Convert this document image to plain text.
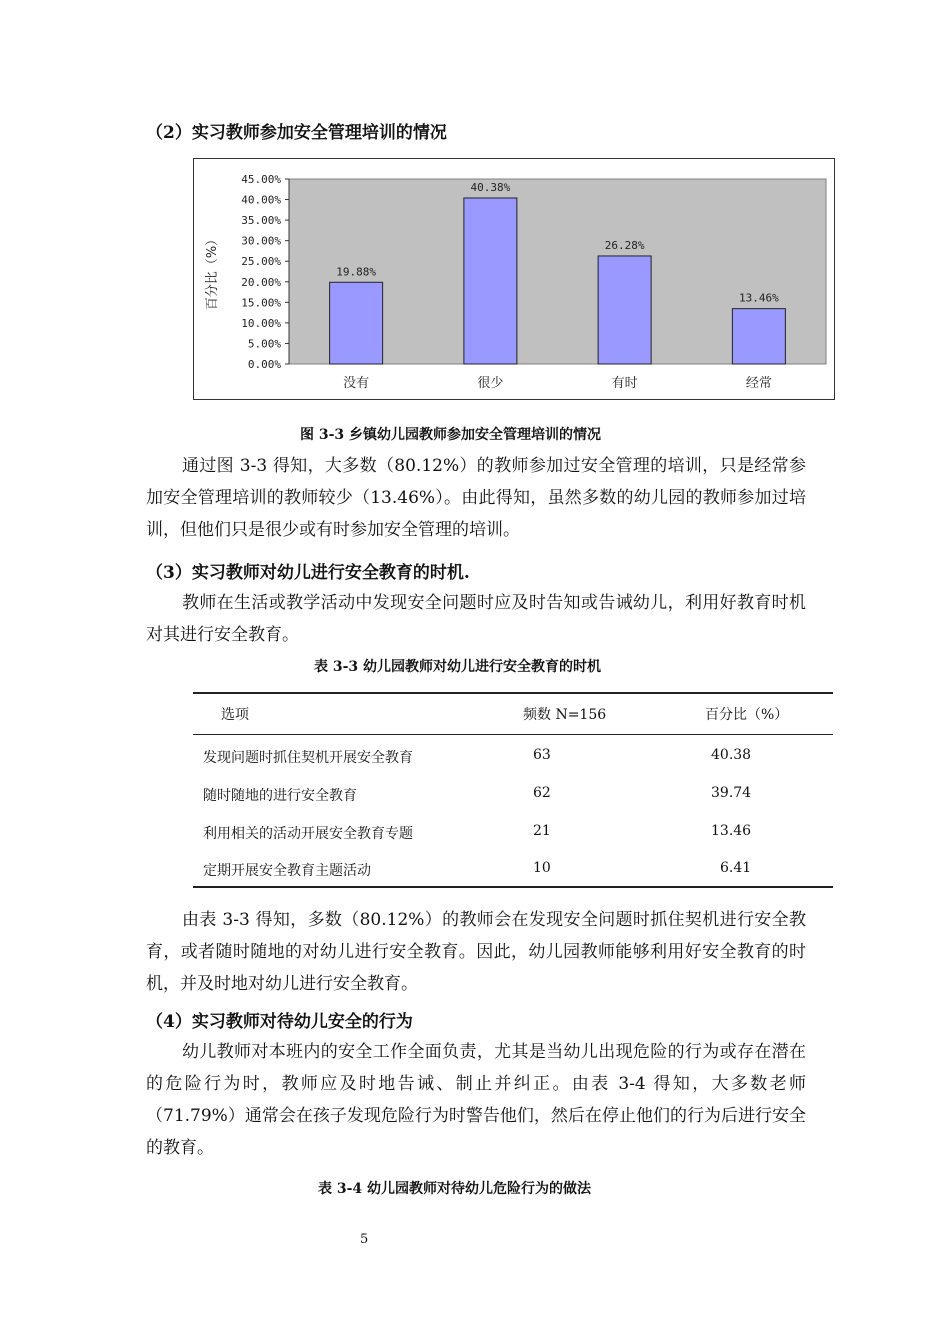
（2）实习教师参加安全管理培训的情况
0.00%
5.00%
10.00%
15.00%
20.00%
25.00%
30.00%
35.00%
40.00%
45.00%
百分比（%）	19.88%
没有
40.38%
很少
26.28%
有时
13.46%
经常
图 3-3 乡镇幼儿园教师参加安全管理培训的情况
通过图 3-3 得知，大多数（80.12%）的教师参加过安全管理的培训，只是经常参加安全管理培训的教师较少（13.46%）。由此得知，虽然多数的幼儿园的教师参加过培训，但他们只是很少或有时参加安全管理的培训。
（3）实习教师对幼儿进行安全教育的时机.
教师在生活或教学活动中发现安全问题时应及时告知或告诫幼儿，利用好教育时机对其进行安全教育。
表 3-3 幼儿园教师对幼儿进行安全教育的时机
选项	频数 N=156	百分比（%）
发现问题时抓住契机开展安全教育	63	40.38
随时随地的进行安全教育	62	39.74
利用相关的活动开展安全教育专题	21	13.46
定期开展安全教育主题活动	10	6.41
由表 3-3 得知，多数（80.12%）的教师会在发现安全问题时抓住契机进行安全教育，或者随时随地的对幼儿进行安全教育。因此，幼儿园教师能够利用好安全教育的时机，并及时地对幼儿进行安全教育。
（4）实习教师对待幼儿安全的行为
幼儿教师对本班内的安全工作全面负责，尤其是当幼儿出现危险的行为或存在潜在的危险行为时，教师应及时地告诫、制止并纠正。由表 3-4 得知，大多数老师（71.79%）通常会在孩子发现危险行为时警告他们，然后在停止他们的行为后进行安全的教育。
表 3-4 幼儿园教师对待幼儿危险行为的做法
5
